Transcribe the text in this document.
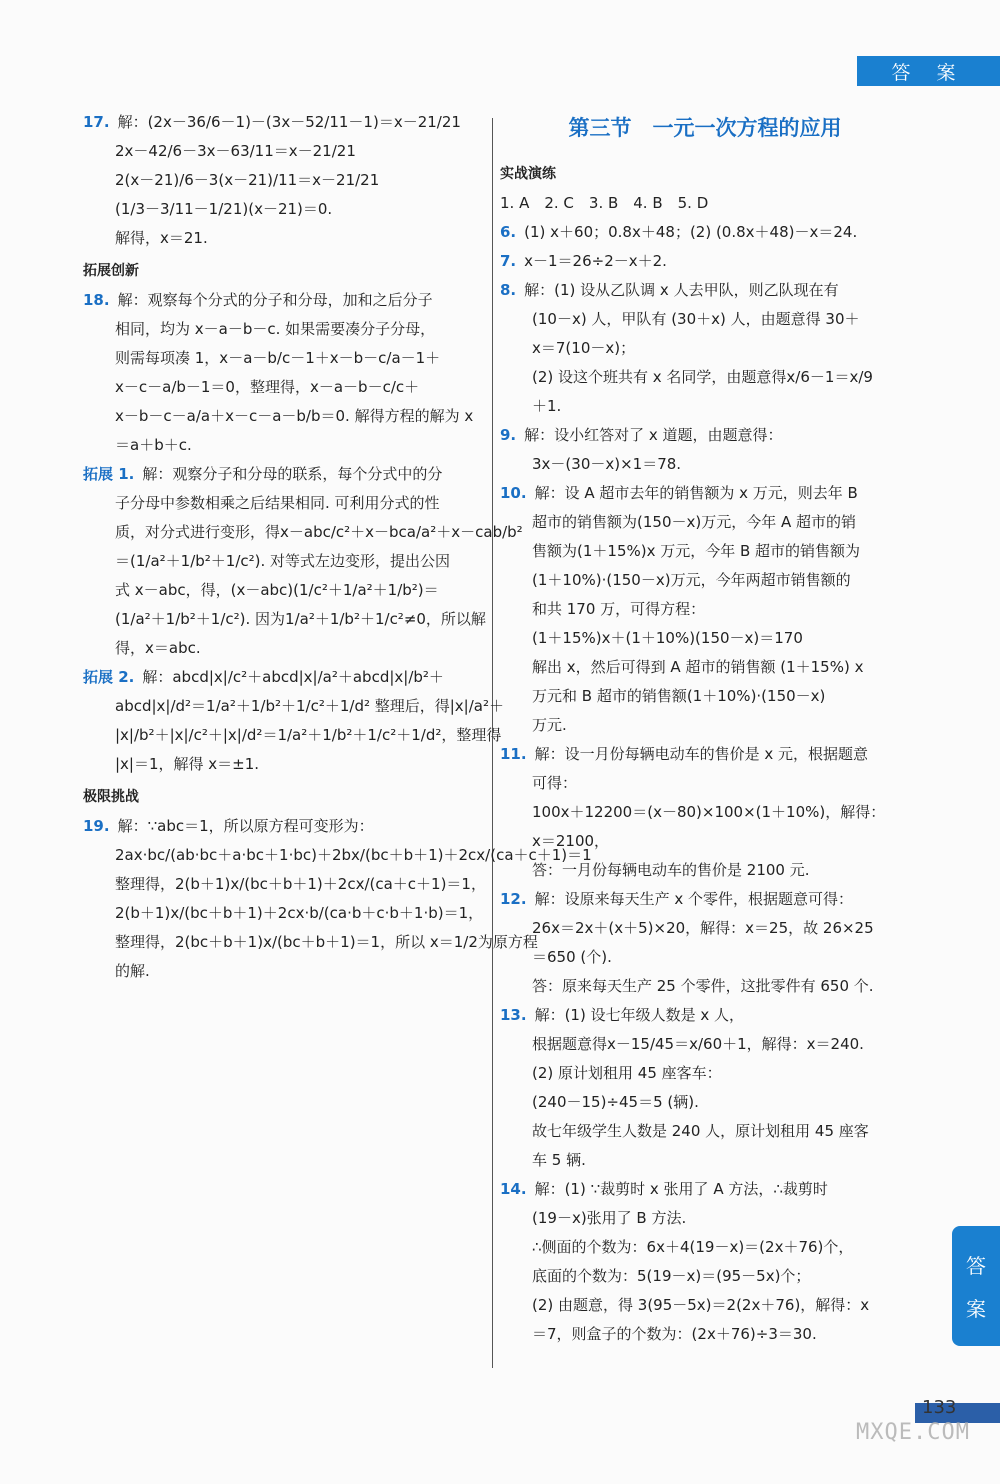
答 案
答
案
17. 解：(2x－36/6－1)－(3x－52/11－1)＝x－21/21
2x－42/6－3x－63/11＝x－21/21
2(x－21)/6－3(x－21)/11＝x－21/21
(1/3－3/11－1/21)(x－21)＝0.
解得，x＝21.
拓展创新
18. 解：观察每个分式的分子和分母，加和之后分子
相同，均为 x－a－b－c. 如果需要凑分子分母，
则需每项凑 1，x－a－b/c－1＋x－b－c/a－1＋
x－c－a/b－1＝0，整理得，x－a－b－c/c＋
x－b－c－a/a＋x－c－a－b/b＝0. 解得方程的解为 x
＝a＋b＋c.
拓展 1. 解：观察分子和分母的联系，每个分式中的分
子分母中参数相乘之后结果相同. 可利用分式的性
质，对分式进行变形，得x－abc/c²＋x－bca/a²＋x－cab/b²
＝(1/a²＋1/b²＋1/c²). 对等式左边变形，提出公因
式 x－abc，得，(x－abc)(1/c²＋1/a²＋1/b²)＝
(1/a²＋1/b²＋1/c²). 因为1/a²＋1/b²＋1/c²≠0，所以解
得，x＝abc.
拓展 2. 解：abcd|x|/c²＋abcd|x|/a²＋abcd|x|/b²＋
abcd|x|/d²＝1/a²＋1/b²＋1/c²＋1/d² 整理后，得|x|/a²＋
|x|/b²＋|x|/c²＋|x|/d²＝1/a²＋1/b²＋1/c²＋1/d²，整理得
|x|＝1，解得 x＝±1.
极限挑战
19. 解：∵abc＝1，所以原方程可变形为：
2ax·bc/(ab·bc＋a·bc＋1·bc)＋2bx/(bc＋b＋1)＋2cx/(ca＋c＋1)＝1
整理得，2(b＋1)x/(bc＋b＋1)＋2cx/(ca＋c＋1)＝1，
2(b＋1)x/(bc＋b＋1)＋2cx·b/(ca·b＋c·b＋1·b)＝1，
整理得，2(bc＋b＋1)x/(bc＋b＋1)＝1，所以 x＝1/2为原方程
的解.
第三节　一元一次方程的应用
实战演练
1. A　2. C　3. B　4. B　5. D
6. (1) x＋60；0.8x＋48；(2) (0.8x＋48)－x＝24.
7. x－1＝26÷2－x＋2.
8. 解：(1) 设从乙队调 x 人去甲队，则乙队现在有
(10－x) 人，甲队有 (30＋x) 人，由题意得 30＋
x＝7(10－x)；
(2) 设这个班共有 x 名同学，由题意得x/6－1＝x/9
＋1.
9. 解：设小红答对了 x 道题，由题意得：
3x－(30－x)×1＝78.
10. 解：设 A 超市去年的销售额为 x 万元，则去年 B
超市的销售额为(150－x)万元，今年 A 超市的销
售额为(1＋15%)x 万元，今年 B 超市的销售额为
(1＋10%)·(150－x)万元，今年两超市销售额的
和共 170 万，可得方程：
(1＋15%)x＋(1＋10%)(150－x)＝170
解出 x，然后可得到 A 超市的销售额 (1＋15%) x
万元和 B 超市的销售额(1＋10%)·(150－x)
万元.
11. 解：设一月份每辆电动车的售价是 x 元，根据题意
可得：
100x＋12200＝(x－80)×100×(1＋10%)，解得：
x＝2100，
答：一月份每辆电动车的售价是 2100 元.
12. 解：设原来每天生产 x 个零件，根据题意可得：
26x＝2x＋(x＋5)×20，解得：x＝25，故 26×25
＝650 (个).
答：原来每天生产 25 个零件，这批零件有 650 个.
13. 解：(1) 设七年级人数是 x 人，
根据题意得x－15/45＝x/60＋1，解得：x＝240.
(2) 原计划租用 45 座客车：
(240－15)÷45＝5 (辆).
故七年级学生人数是 240 人，原计划租用 45 座客
车 5 辆.
14. 解：(1) ∵裁剪时 x 张用了 A 方法，∴裁剪时
(19－x)张用了 B 方法.
∴侧面的个数为：6x＋4(19－x)＝(2x＋76)个，
底面的个数为：5(19－x)＝(95－5x)个；
(2) 由题意，得 3(95－5x)＝2(2x＋76)，解得：x
＝7，则盒子的个数为：(2x＋76)÷3＝30.
133
MXQE.COM
